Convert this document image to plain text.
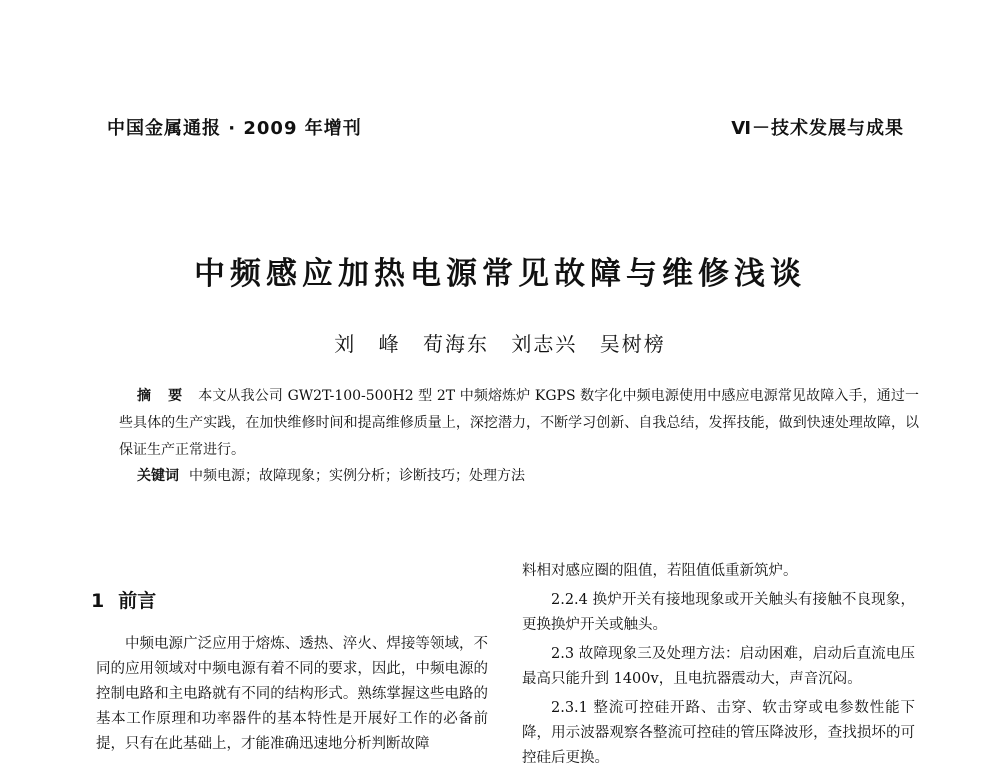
中国金属通报 · 2009 年增刊	Ⅵ－技术发展与成果
中频感应加热电源常见故障与维修浅谈
刘 峰 荀海东 刘志兴 吴树榜
摘 要 本文从我公司 GW2T-100-500H2 型 2T 中频熔炼炉 KGPS 数字化中频电源使用中感应电源常见故障入手，通过一些具体的生产实践，在加快维修时间和提高维修质量上，深挖潜力，不断学习创新、自我总结，发挥技能，做到快速处理故障，以保证生产正常进行。
关键词 中频电源；故障现象；实例分析；诊断技巧；处理方法
1 前言

中频电源广泛应用于熔炼、透热、淬火、焊接等领域，不同的应用领域对中频电源有着不同的要求，因此，中频电源的控制电路和主电路就有不同的结构形式。熟练掌握这些电路的基本工作原理和功率器件的基本特性是开展好工作的必备前提，只有在此基础上，才能准确迅速地分析判断故障

料相对感应圈的阻值，若阻值低重新筑炉。

2.2.4 换炉开关有接地现象或开关触头有接触不良现象，更换换炉开关或触头。

2.3 故障现象三及处理方法：启动困难，启动后直流电压最高只能升到 1400v，且电抗器震动大，声音沉闷。

2.3.1 整流可控硅开路、击穿、软击穿或电参数性能下降，用示波器观察各整流可控硅的管压降波形，查找损坏的可控硅后更换。
